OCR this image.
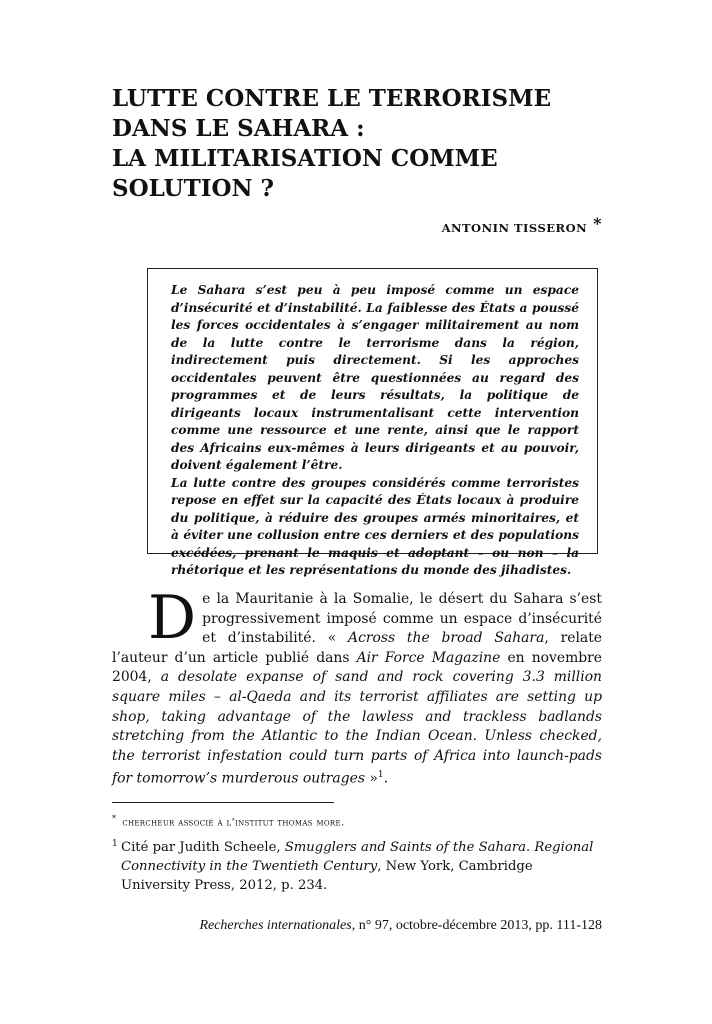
LUTTE CONTRE LE TERRORISME
DANS LE SAHARA :
LA MILITARISATION COMME
SOLUTION ?
ANTONIN TISSERON *

Le Sahara s’est peu à peu imposé comme un espace d’insécurité et d’instabilité. La faiblesse des États a poussé les forces occidentales à s’engager militairement au nom de la lutte contre le terrorisme dans la région, indirectement puis directement. Si les approches occidentales peuvent être questionnées au regard des programmes et de leurs résultats, la politique de dirigeants locaux instrumentalisant cette intervention comme une ressource et une rente, ainsi que le rapport des Africains eux-mêmes à leurs dirigeants et au pouvoir, doivent également l’être.

La lutte contre des groupes considérés comme terroristes repose en effet sur la capacité des États locaux à produire du politique, à réduire des groupes armés minoritaires, et à éviter une collusion entre ces derniers et des populations excédées, prenant le maquis et adoptant – ou non – la rhétorique et les représentations du monde des jihadistes.

De la Mauritanie à la Somalie, le désert du Sahara s’est progressivement imposé comme un espace d’insécurité et d’instabilité. « Across the broad Sahara, relate l’auteur d’un article publié dans Air Force Magazine en novembre 2004, a desolate expanse of sand and rock covering 3.3 million square miles – al-Qaeda and its terrorist affiliates are setting up shop, taking advantage of the lawless and trackless badlands stretching from the Atlantic to the Indian Ocean. Unless checked, the terrorist infestation could turn parts of Africa into launch-pads for tomorrow’s murderous outrages »$^1$.

* chercheur associé à l’institut thomas more.
1 Cité par Judith Scheele, Smugglers and Saints of the Sahara. Regional Connectivity in the Twentieth Century, New York, Cambridge University Press, 2012, p. 234.
Recherches internationales, n° 97, octobre-décembre 2013, pp. 111-128
